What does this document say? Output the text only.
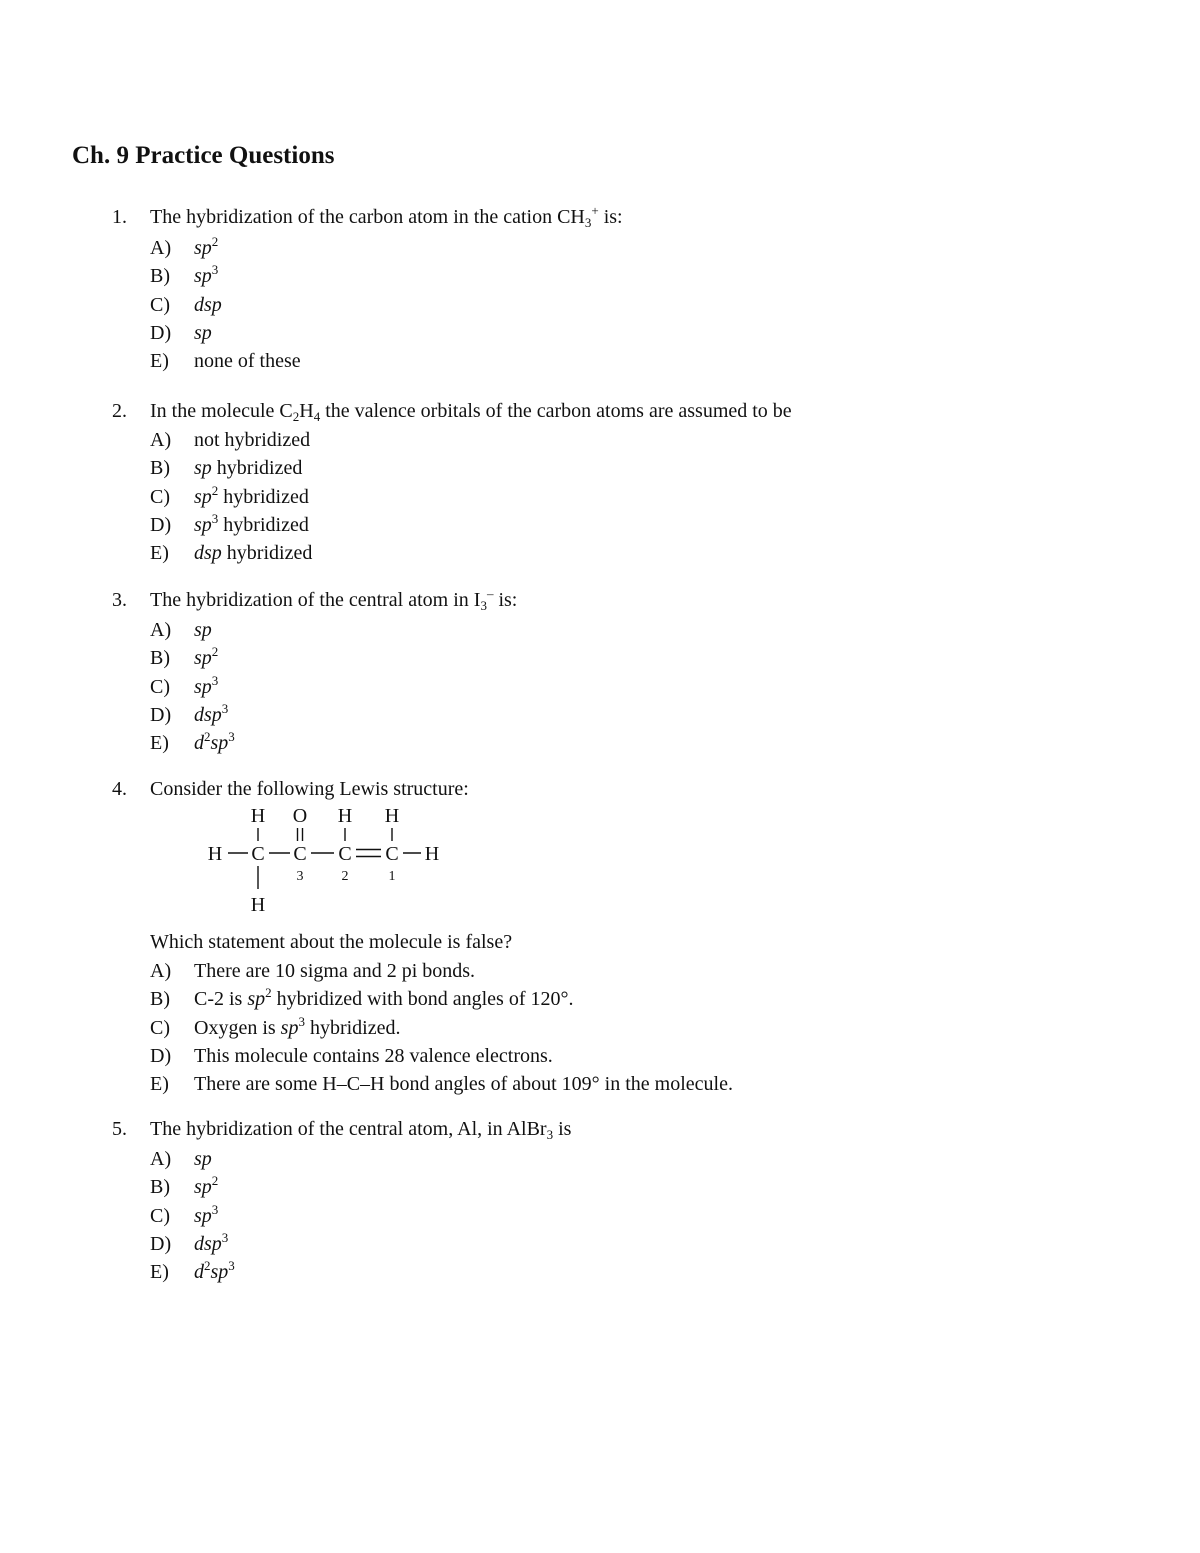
Ch. 9 Practice Questions
1.	The hybridization of the carbon atom in the cation $CH_3^+$ is:
A) $sp^2$
B) $sp^3$
C) dsp
D) sp
E) none of these
2.	In the molecule $C_2H_4$ the valence orbitals of the carbon atoms are assumed to be
A) not hybridized
B) sp hybridized
C) $sp^2$ hybridized
D) $sp^3$ hybridized
E) dsp hybridized
3.	The hybridization of the central atom in $I_3^-$ is:
A) sp
B) $sp^2$
C) $sp^3$
D) dsp$^3$
E) $d^2sp^3$
4.	Consider the following Lewis structure:
H O H H
H C C C C H
H
3	2	1
Which statement about the molecule is false?
A) There are 10 sigma and 2 pi bonds.
B) C-2 is $sp^2$ hybridized with bond angles of 120°.
C) Oxygen is $sp^3$ hybridized.
D) This molecule contains 28 valence electrons.
E) There are some H–C–H bond angles of about 109° in the molecule.
5.	The hybridization of the central atom, Al, in AlBr$_3$ is
A) sp
B) $sp^2$
C) $sp^3$
D) dsp$^3$
E) $d^2sp^3$
